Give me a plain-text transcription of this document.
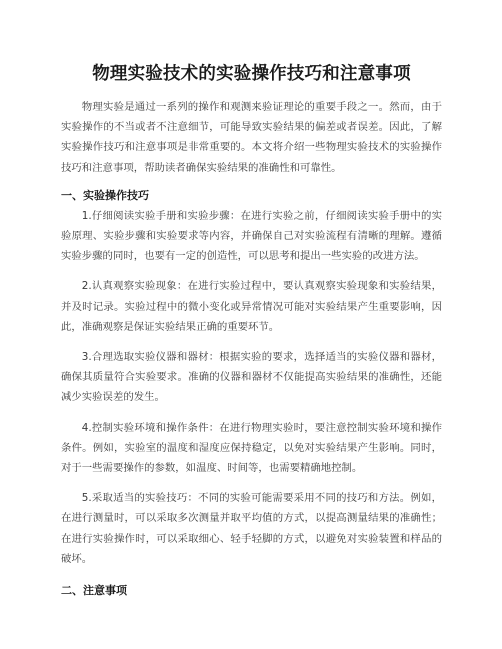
物理实验技术的实验操作技巧和注意事项

物理实验是通过一系列的操作和观测来验证理论的重要手段之一。然而，由于实验操作的不当或者不注意细节，可能导致实验结果的偏差或者误差。因此，了解实验操作技巧和注意事项是非常重要的。本文将介绍一些物理实验技术的实验操作技巧和注意事项，帮助读者确保实验结果的准确性和可靠性。

一、实验操作技巧

1.仔细阅读实验手册和实验步骤：在进行实验之前，仔细阅读实验手册中的实验原理、实验步骤和实验要求等内容，并确保自己对实验流程有清晰的理解。遵循实验步骤的同时，也要有一定的创造性，可以思考和提出一些实验的改进方法。

2.认真观察实验现象：在进行实验过程中，要认真观察实验现象和实验结果，并及时记录。实验过程中的微小变化或异常情况可能对实验结果产生重要影响，因此，准确观察是保证实验结果正确的重要环节。

3.合理选取实验仪器和器材：根据实验的要求，选择适当的实验仪器和器材，确保其质量符合实验要求。准确的仪器和器材不仅能提高实验结果的准确性，还能减少实验误差的发生。

4.控制实验环境和操作条件：在进行物理实验时，要注意控制实验环境和操作条件。例如，实验室的温度和湿度应保持稳定，以免对实验结果产生影响。同时，对于一些需要操作的参数，如温度、时间等，也需要精确地控制。

5.采取适当的实验技巧：不同的实验可能需要采用不同的技巧和方法。例如，在进行测量时，可以采取多次测量并取平均值的方式，以提高测量结果的准确性；在进行实验操作时，可以采取细心、轻手轻脚的方式，以避免对实验装置和样品的破坏。

二、注意事项
